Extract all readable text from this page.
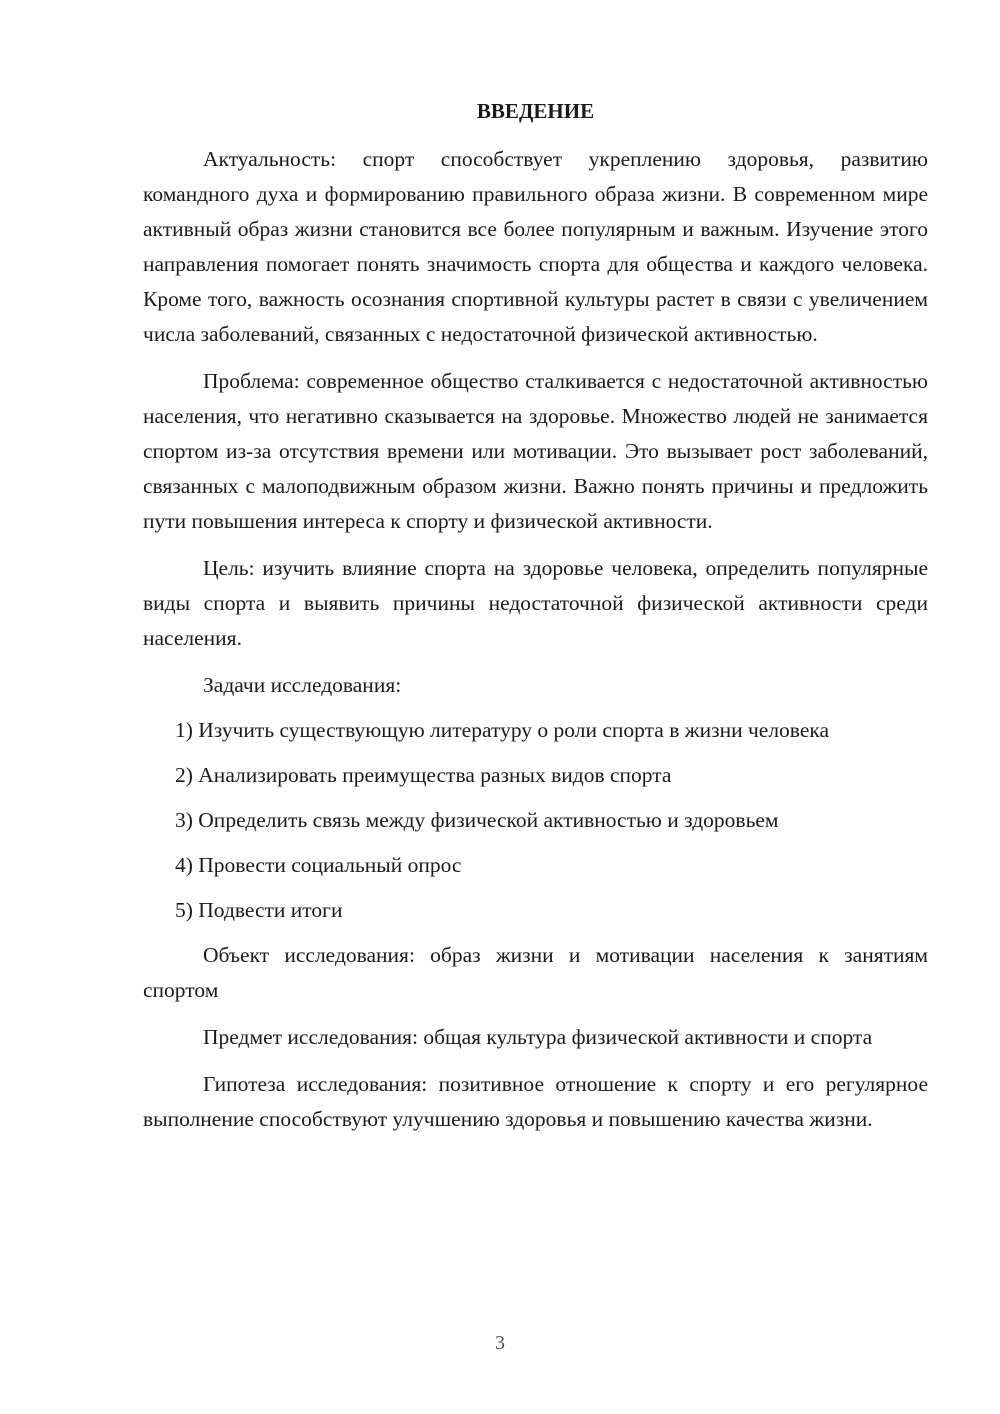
ВВЕДЕНИЕ

Актуальность: спорт способствует укреплению здоровья, развитию командного духа и формированию правильного образа жизни. В современном мире активный образ жизни становится все более популярным и важным. Изучение этого направления помогает понять значимость спорта для общества и каждого человека. Кроме того, важность осознания спортивной культуры растет в связи с увеличением числа заболеваний, связанных с недостаточной физической активностью.

Проблема: современное общество сталкивается с недостаточной активностью населения, что негативно сказывается на здоровье. Множество людей не занимается спортом из-за отсутствия времени или мотивации. Это вызывает рост заболеваний, связанных с малоподвижным образом жизни. Важно понять причины и предложить пути повышения интереса к спорту и физической активности.

Цель: изучить влияние спорта на здоровье человека, определить популярные виды спорта и выявить причины недостаточной физической активности среди населения.

Задачи исследования:

1) Изучить существующую литературу о роли спорта в жизни человека
2) Анализировать преимущества разных видов спорта
3) Определить связь между физической активностью и здоровьем
4) Провести социальный опрос
5) Подвести итоги

Объект исследования: образ жизни и мотивации населения к занятиям спортом

Предмет исследования: общая культура физической активности и спорта

Гипотеза исследования: позитивное отношение к спорту и его регулярное выполнение способствуют улучшению здоровья и повышению качества жизни.

3
